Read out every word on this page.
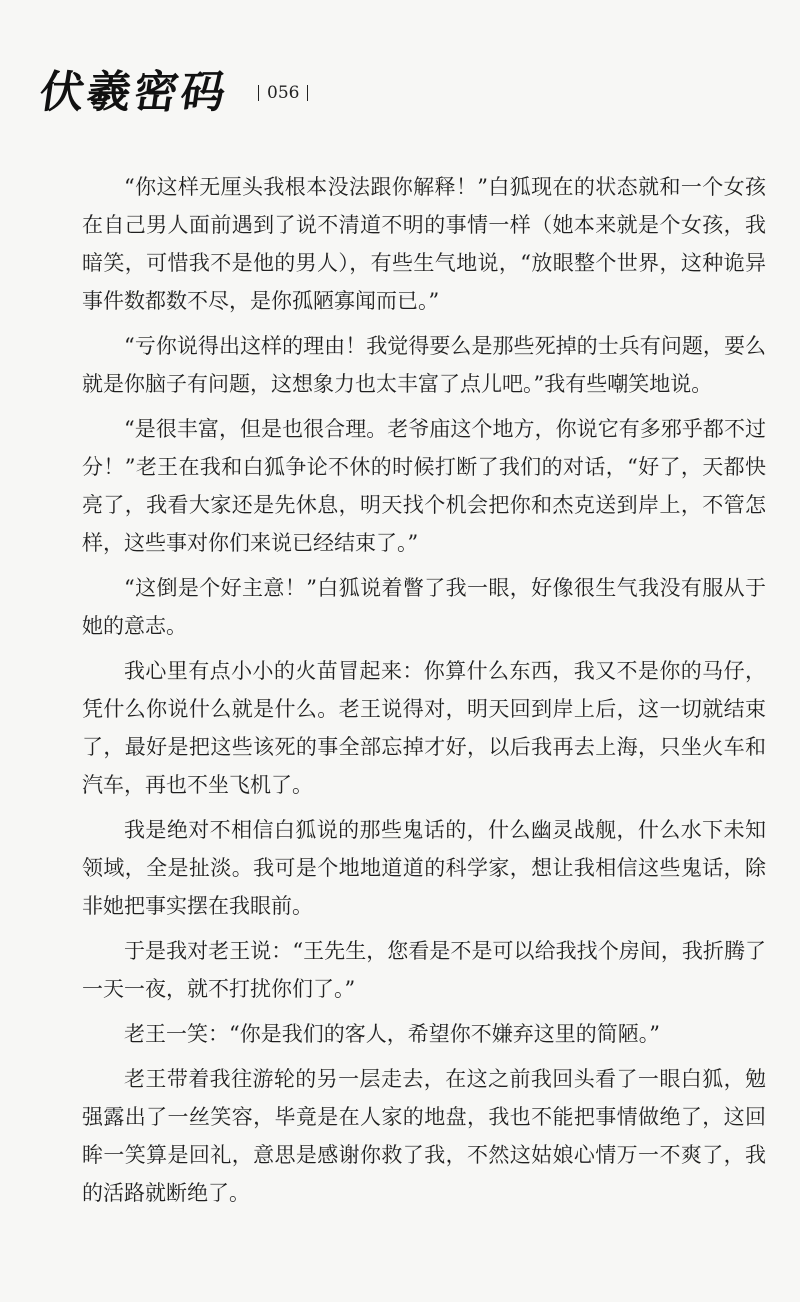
伏羲密码 056

“你这样无厘头我根本没法跟你解释！”白狐现在的状态就和一个女孩在自己男人面前遇到了说不清道不明的事情一样（她本来就是个女孩，我暗笑，可惜我不是他的男人），有些生气地说，“放眼整个世界，这种诡异事件数都数不尽，是你孤陋寡闻而已。”

“亏你说得出这样的理由！我觉得要么是那些死掉的士兵有问题，要么就是你脑子有问题，这想象力也太丰富了点儿吧。”我有些嘲笑地说。

“是很丰富，但是也很合理。老爷庙这个地方，你说它有多邪乎都不过分！”老王在我和白狐争论不休的时候打断了我们的对话，“好了，天都快亮了，我看大家还是先休息，明天找个机会把你和杰克送到岸上，不管怎样，这些事对你们来说已经结束了。”

“这倒是个好主意！”白狐说着瞥了我一眼，好像很生气我没有服从于她的意志。

我心里有点小小的火苗冒起来：你算什么东西，我又不是你的马仔，凭什么你说什么就是什么。老王说得对，明天回到岸上后，这一切就结束了，最好是把这些该死的事全部忘掉才好，以后我再去上海，只坐火车和汽车，再也不坐飞机了。

我是绝对不相信白狐说的那些鬼话的，什么幽灵战舰，什么水下未知领域，全是扯淡。我可是个地地道道的科学家，想让我相信这些鬼话，除非她把事实摆在我眼前。

于是我对老王说：“王先生，您看是不是可以给我找个房间，我折腾了一天一夜，就不打扰你们了。”

老王一笑：“你是我们的客人，希望你不嫌弃这里的简陋。”

老王带着我往游轮的另一层走去，在这之前我回头看了一眼白狐，勉强露出了一丝笑容，毕竟是在人家的地盘，我也不能把事情做绝了，这回眸一笑算是回礼，意思是感谢你救了我，不然这姑娘心情万一不爽了，我的活路就断绝了。
